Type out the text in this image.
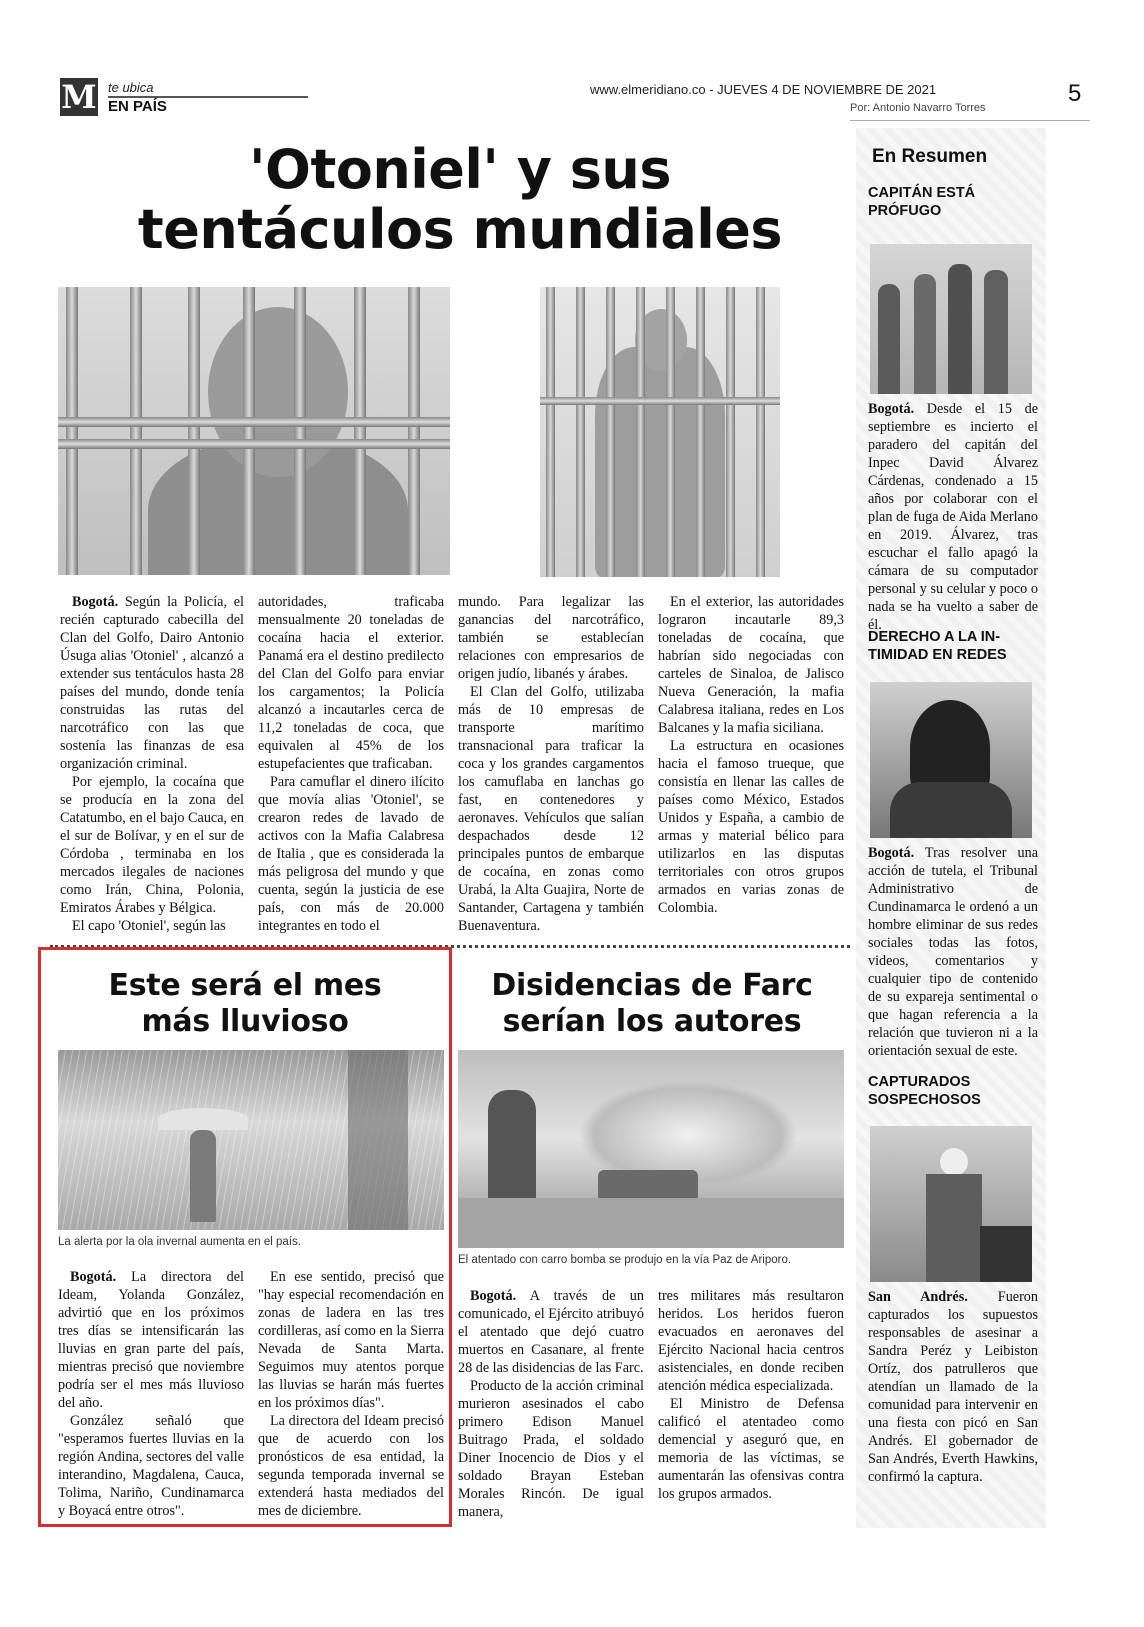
M te ubica
EN PAÍS
www.elmeridiano.co - JUEVES 4 DE NOVIEMBRE DE 2021
Por: Antonio Navarro Torres
5
'Otoniel' y sus
tentáculos mundiales

Bogotá. Según la Policía, el recién capturado cabecilla del Clan del Golfo, Dairo Antonio Úsuga alias 'Otoniel' , alcanzó a extender sus tentáculos hasta 28 países del mundo, donde tenía construidas las rutas del narcotráfico con las que sostenía las finanzas de esa organización criminal.

Por ejemplo, la cocaína que se producía en la zona del Catatumbo, en el bajo Cauca, en el sur de Bolívar, y en el sur de Córdoba , terminaba en los mercados ilegales de naciones como Irán, China, Polonia, Emiratos Árabes y Bélgica.

El capo 'Otoniel', según las

autoridades, traficaba mensualmente 20 toneladas de cocaína hacia el exterior. Panamá era el destino predilecto del Clan del Golfo para enviar los cargamentos; la Policía alcanzó a incautarles cerca de 11,2 toneladas de coca, que equivalen al 45% de los estupefacientes que traficaban.

Para camuflar el dinero ilícito que movía alias 'Otoniel', se crearon redes de lavado de activos con la Mafia Calabresa de Italia , que es considerada la más peligrosa del mundo y que cuenta, según la justicia de ese país, con más de 20.000 integrantes en todo el

mundo. Para legalizar las ganancias del narcotráfico, también se establecían relaciones con empresarios de origen judío, libanés y árabes.

El Clan del Golfo, utilizaba más de 10 empresas de transporte marítimo transnacional para traficar la coca y los grandes cargamentos los camuflaba en lanchas go fast, en contenedores y aeronaves. Vehículos que salían despachados desde 12 principales puntos de embarque de cocaína, en zonas como Urabá, la Alta Guajira, Norte de Santander, Cartagena y también Buenaventura.

En el exterior, las autoridades lograron incautarle 89,3 toneladas de cocaína, que habrían sido negociadas con carteles de Sinaloa, de Jalisco Nueva Generación, la mafia Calabresa italiana, redes en Los Balcanes y la mafia siciliana.

La estructura en ocasiones hacia el famoso trueque, que consistía en llenar las calles de países como México, Estados Unidos y España, a cambio de armas y material bélico para utilizarlos en las disputas territoriales con otros grupos armados en varias zonas de Colombia.

Este será el mes
más lluvioso
La alerta por la ola invernal aumenta en el país.

Bogotá. La directora del Ideam, Yolanda González, advirtió que en los próximos tres días se intensificarán las lluvias en gran parte del país, mientras precisó que noviembre podría ser el mes más lluvioso del año.

González señaló que "esperamos fuertes lluvias en la región Andina, sectores del valle interandino, Magdalena, Cauca, Tolima, Nariño, Cundinamarca y Boyacá entre otros".

En ese sentido, precisó que "hay especial recomendación en zonas de ladera en las tres cordilleras, así como en la Sierra Nevada de Santa Marta. Seguimos muy atentos porque las lluvias se harán más fuertes en los próximos días".

La directora del Ideam precisó que de acuerdo con los pronósticos de esa entidad, la segunda temporada invernal se extenderá hasta mediados del mes de diciembre.

Disidencias de Farc
serían los autores
El atentado con carro bomba se produjo en la vía Paz de Ariporo.

Bogotá. A través de un comunicado, el Ejército atribuyó el atentado que dejó cuatro muertos en Casanare, al frente 28 de las disidencias de las Farc.

Producto de la acción criminal murieron asesinados el cabo primero Edison Manuel Buitrago Prada, el soldado Diner Inocencio de Dios y el soldado Brayan Esteban Morales Rincón. De igual manera,

tres militares más resultaron heridos. Los heridos fueron evacuados en aeronaves del Ejército Nacional hacia centros asistenciales, en donde reciben atención médica especializada.

El Ministro de Defensa calificó el atentadeo como demencial y aseguró que, en memoria de las víctimas, se aumentarán las ofensivas contra los grupos armados.

En Resumen
CAPITÁN ESTÁ
PRÓFUGO
Bogotá. Desde el 15 de septiembre es incierto el paradero del capitán del Inpec David Álvarez Cárdenas, condenado a 15 años por colaborar con el plan de fuga de Aida Merlano en 2019. Álvarez, tras escuchar el fallo apagó la cámara de su computador personal y su celular y poco o nada se ha vuelto a saber de él.
DERECHO A LA IN-
TIMIDAD EN REDES
Bogotá. Tras resolver una acción de tutela, el Tribunal Administrativo de Cundinamarca le ordenó a un hombre eliminar de sus redes sociales todas las fotos, videos, comentarios y cualquier tipo de contenido de su expareja sentimental o que hagan referencia a la relación que tuvieron ni a la orientación sexual de este.
CAPTURADOS
SOSPECHOSOS
San Andrés. Fueron capturados los supuestos responsables de asesinar a Sandra Peréz y Leibiston Ortíz, dos patrulleros que atendían un llamado de la comunidad para intervenir en una fiesta con picó en San Andrés. El gobernador de San Andrés, Everth Hawkins, confirmó la captura.
